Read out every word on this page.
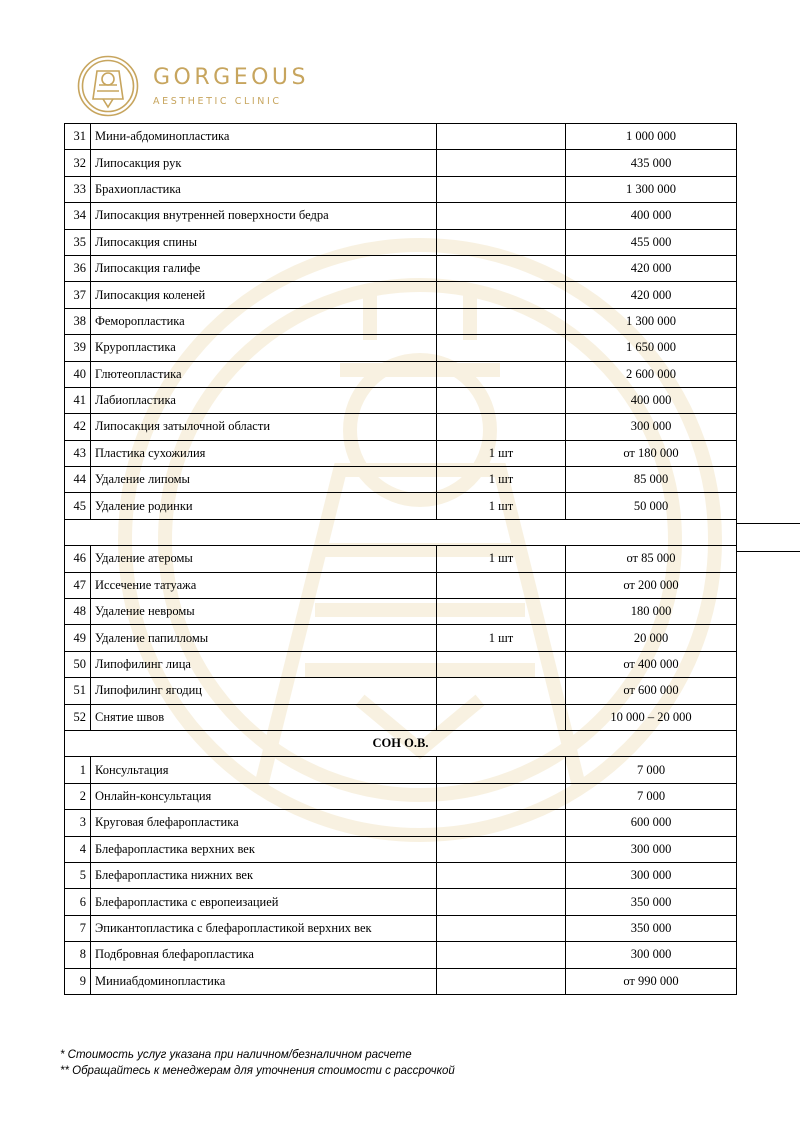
GORGEOUS
AESTHETIC CLINIC
31	Мини-абдоминопластика		1 000 000
32	Липосакция рук		435 000
33	Брахиопластика		1 300 000
34	Липосакция внутренней поверхности бедра		400 000
35	Липосакция спины		455 000
36	Липосакция галифе		420 000
37	Липосакция коленей		420 000
38	Феморопластика		1 300 000
39	Круропластика		1 650 000
40	Глютеопластика		2 600 000
41	Лабиопластика		400 000
42	Липосакция затылочной области		300 000
43	Пластика сухожилия	1 шт	от 180 000
44	Удаление липомы	1 шт	85 000
45	Удаление родинки	1 шт	50 000

46	Удаление атеромы	1 шт	от 85 000
47	Иссечение татуажа		от 200 000
48	Удаление невромы		180 000
49	Удаление папилломы	1 шт	20 000
50	Липофилинг лица		от 400 000
51	Липофилинг ягодиц		от 600 000
52	Снятие швов		10 000 – 20 000
СОН О.В.			
1	Консультация		7 000
2	Онлайн-консультация		7 000
3	Круговая блефаропластика		600 000
4	Блефаропластика верхних век		300 000
5	Блефаропластика нижних век		300 000
6	Блефаропластика с европеизацией		350 000
7	Эпикантопластика с блефаропластикой верхних век		350 000
8	Подбровная блефаропластика		300 000
9	Миниабдоминопластика		от 990 000
* Стоимость услуг указана при наличном/безналичном расчете
** Обращайтесь к менеджерам для уточнения стоимости с рассрочкой
